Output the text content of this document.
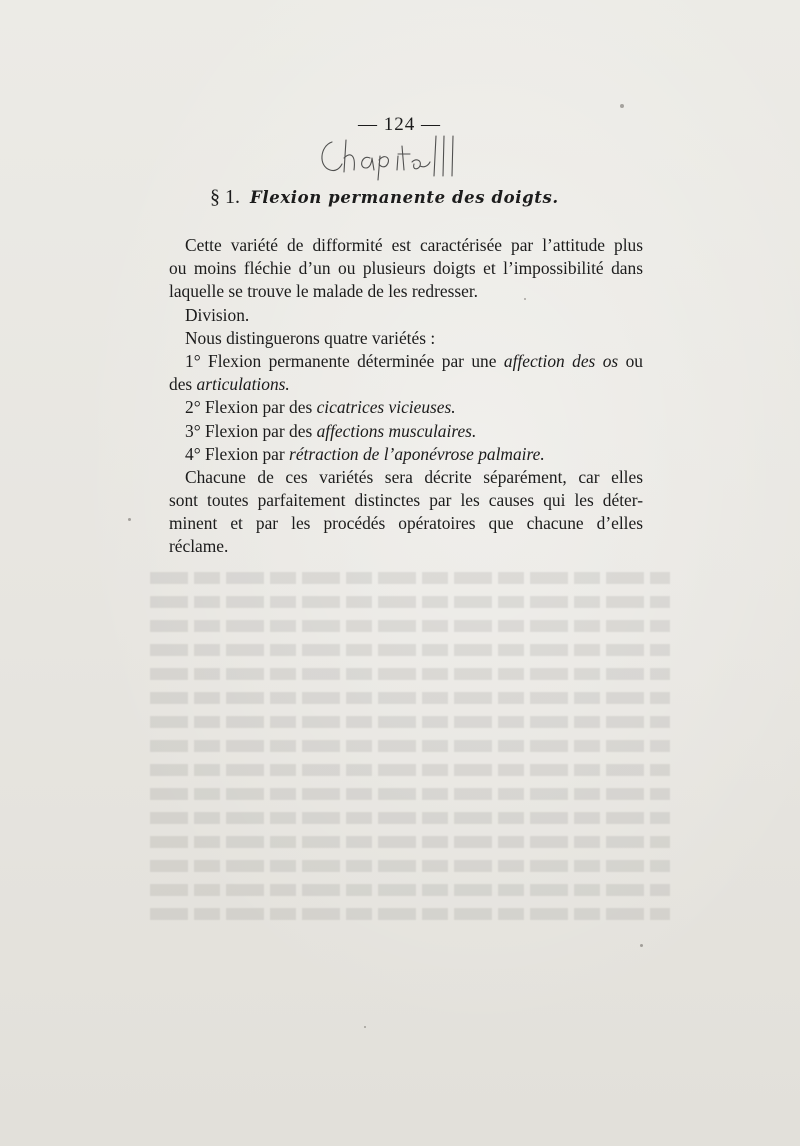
— 124 —
§ 1. Flexion permanente des doigts.
Cette variété de difformité est caractérisée par l’attitude plus
ou moins fléchie d’un ou plusieurs doigts et l’impossibilité dans
laquelle se trouve le malade de les redresser.
Division.
Nous distinguerons quatre variétés :
1° Flexion permanente déterminée par une affection des os ou
des articulations.
2° Flexion par des cicatrices vicieuses.
3° Flexion par des affections musculaires.
4° Flexion par rétraction de l’aponévrose palmaire.
Chacune de ces variétés sera décrite séparément, car elles
sont toutes parfaitement distinctes par les causes qui les déter-
minent et par les procédés opératoires que chacune d’elles
réclame.
